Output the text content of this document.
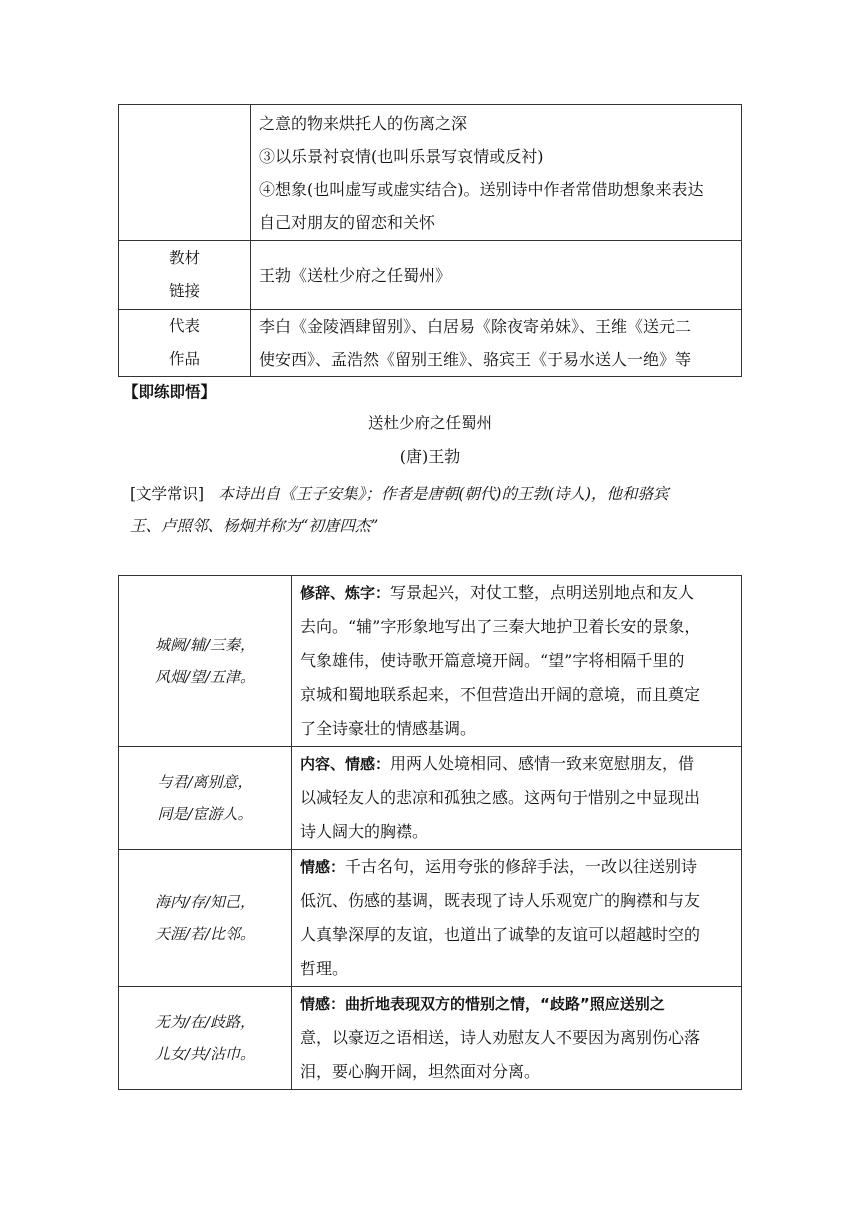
	之意的物来烘托人的伤离之深
③以乐景衬哀情(也叫乐景写哀情或反衬)
④想象(也叫虚写或虚实结合)。送别诗中作者常借助想象来表达
自己对朋友的留恋和关怀

教材
链接	王勃《送杜少府之任蜀州》

代表
作品	李白《金陵酒肆留别》、白居易《除夜寄弟妹》、王维《送元二
使安西》、孟浩然《留别王维》、骆宾王《于易水送人一绝》等
【即练即悟】
送杜少府之任蜀州
(唐)王勃
[文学常识] 本诗出自《王子安集》；作者是唐朝(朝代)的王勃(诗人)，他和骆宾
王、卢照邻、杨炯并称为“初唐四杰”
城阙/辅/三秦，
风烟/望/五津。	修辞、炼字：写景起兴，对仗工整，点明送别地点和友人
去向。“辅”字形象地写出了三秦大地护卫着长安的景象，
气象雄伟，使诗歌开篇意境开阔。“望”字将相隔千里的
京城和蜀地联系起来，不但营造出开阔的意境，而且奠定
了全诗豪壮的情感基调。

与君/离别意，
同是/宦游人。	内容、情感：用两人处境相同、感情一致来宽慰朋友，借
以减轻友人的悲凉和孤独之感。这两句于惜别之中显现出
诗人阔大的胸襟。

海内/存/知己，
天涯/若/比邻。	情感：千古名句，运用夸张的修辞手法，一改以往送别诗
低沉、伤感的基调，既表现了诗人乐观宽广的胸襟和与友
人真挚深厚的友谊，也道出了诚挚的友谊可以超越时空的
哲理。

无为/在/歧路，
儿女/共/沾巾。	情感：曲折地表现双方的惜别之情，“歧路”照应送别之
意，以豪迈之语相送，诗人劝慰友人不要因为离别伤心落
泪，要心胸开阔，坦然面对分离。
